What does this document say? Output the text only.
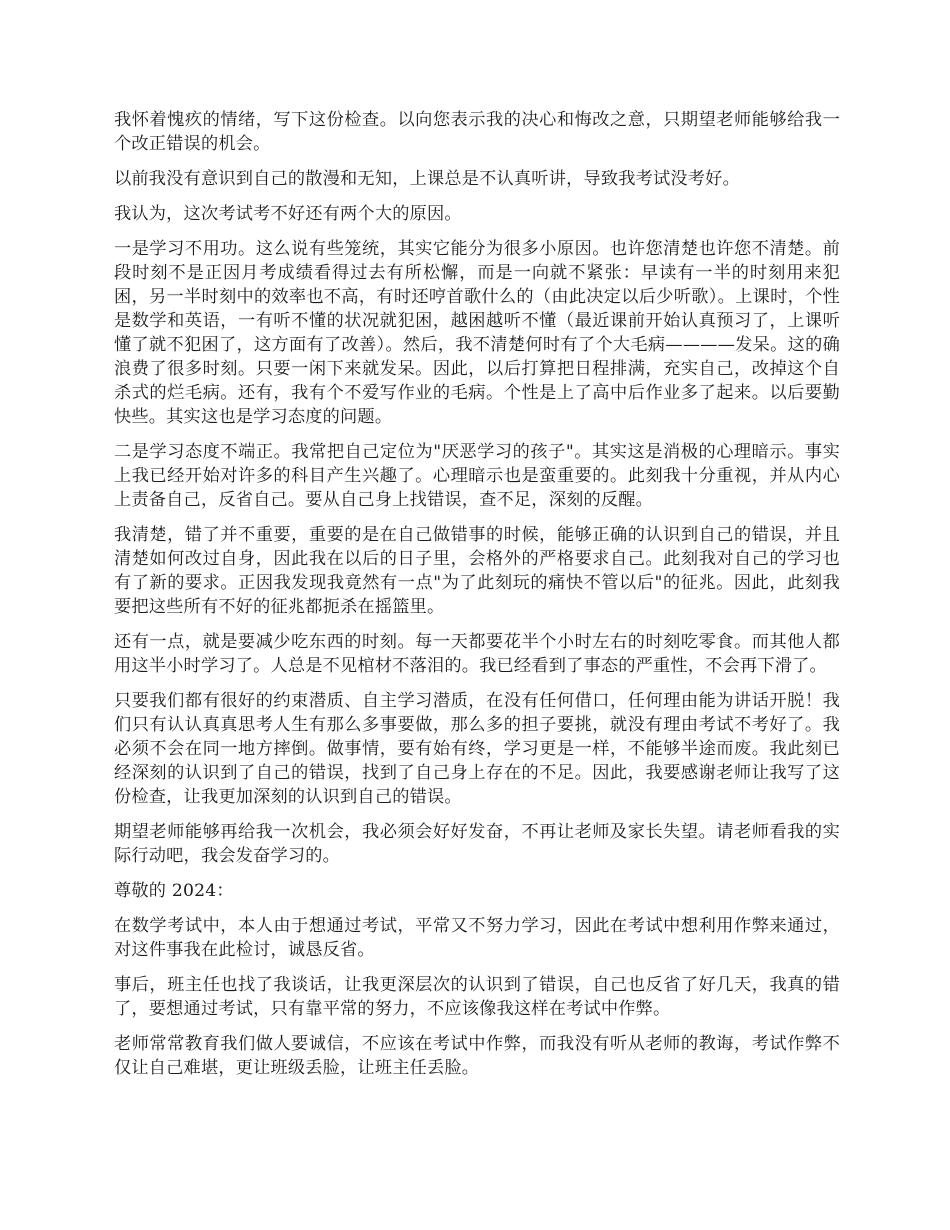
我怀着愧疚的情绪，写下这份检查。以向您表示我的决心和悔改之意，只期望老师能够给我一个改正错误的机会。

以前我没有意识到自己的散漫和无知，上课总是不认真听讲，导致我考试没考好。

我认为，这次考试考不好还有两个大的原因。

一是学习不用功。这么说有些笼统，其实它能分为很多小原因。也许您清楚也许您不清楚。前段时刻不是正因月考成绩看得过去有所松懈，而是一向就不紧张：早读有一半的时刻用来犯困，另一半时刻中的效率也不高，有时还哼首歌什么的（由此决定以后少听歌）。上课时，个性是数学和英语，一有听不懂的状况就犯困，越困越听不懂（最近课前开始认真预习了，上课听懂了就不犯困了，这方面有了改善）。然后，我不清楚何时有了个大毛病————发呆。这的确浪费了很多时刻。只要一闲下来就发呆。因此，以后打算把日程排满，充实自己，改掉这个自杀式的烂毛病。还有，我有个不爱写作业的毛病。个性是上了高中后作业多了起来。以后要勤快些。其实这也是学习态度的问题。

二是学习态度不端正。我常把自己定位为"厌恶学习的孩子"。其实这是消极的心理暗示。事实上我已经开始对许多的科目产生兴趣了。心理暗示也是蛮重要的。此刻我十分重视，并从内心上责备自己，反省自己。要从自己身上找错误，查不足，深刻的反醒。

我清楚，错了并不重要，重要的是在自己做错事的时候，能够正确的认识到自己的错误，并且清楚如何改过自身，因此我在以后的日子里，会格外的严格要求自己。此刻我对自己的学习也有了新的要求。正因我发现我竟然有一点"为了此刻玩的痛快不管以后"的征兆。因此，此刻我要把这些所有不好的征兆都扼杀在摇篮里。

还有一点，就是要减少吃东西的时刻。每一天都要花半个小时左右的时刻吃零食。而其他人都用这半小时学习了。人总是不见棺材不落泪的。我已经看到了事态的严重性，不会再下滑了。

只要我们都有很好的约束潜质、自主学习潜质，在没有任何借口，任何理由能为讲话开脱！我们只有认认真真思考人生有那么多事要做，那么多的担子要挑，就没有理由考试不考好了。我必须不会在同一地方摔倒。做事情，要有始有终，学习更是一样，不能够半途而废。我此刻已经深刻的认识到了自己的错误，找到了自己身上存在的不足。因此，我要感谢老师让我写了这份检查，让我更加深刻的认识到自己的错误。

期望老师能够再给我一次机会，我必须会好好发奋，不再让老师及家长失望。请老师看我的实际行动吧，我会发奋学习的。

尊敬的 2024：

在数学考试中，本人由于想通过考试，平常又不努力学习，因此在考试中想利用作弊来通过，对这件事我在此检讨，诚恳反省。

事后，班主任也找了我谈话，让我更深层次的认识到了错误，自己也反省了好几天，我真的错了，要想通过考试，只有靠平常的努力，不应该像我这样在考试中作弊。

老师常常教育我们做人要诚信，不应该在考试中作弊，而我没有听从老师的教诲，考试作弊不仅让自己难堪，更让班级丢脸，让班主任丢脸。
